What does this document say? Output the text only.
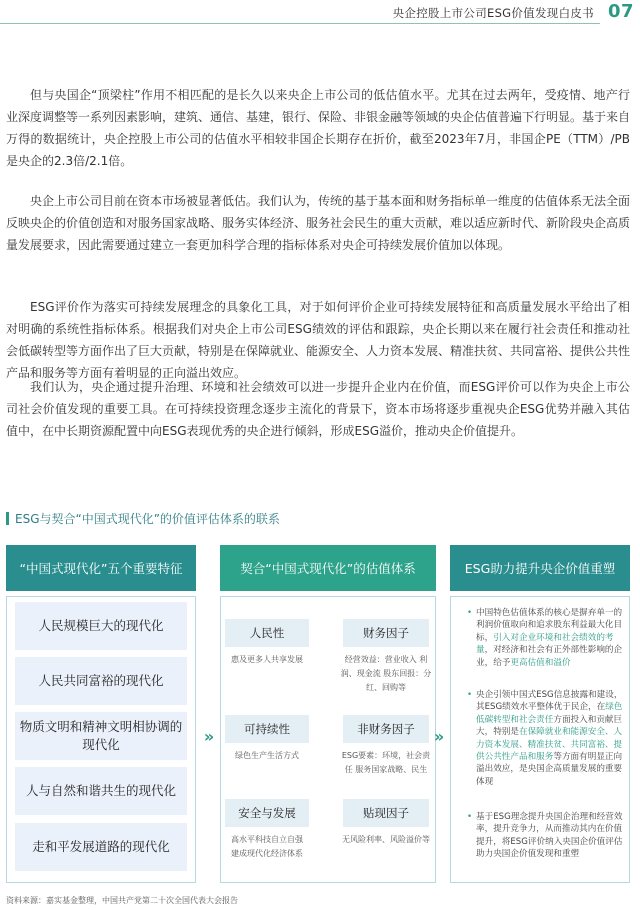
央企控股上市公司ESG价值发现白皮书 07

但与央国企“顶梁柱”作用不相匹配的是长久以来央企上市公司的低估值水平。尤其在过去两年，受疫情、地产行业深度调整等一系列因素影响，建筑、通信、基建，银行、保险、非银金融等领域的央企估值普遍下行明显。基于来自万得的数据统计，央企控股上市公司的估值水平相较非国企长期存在折价，截至2023年7月，非国企PE（TTM）/PB是央企的2.3倍/2.1倍。

央企上市公司目前在资本市场被显著低估。我们认为，传统的基于基本面和财务指标单一维度的估值体系无法全面反映央企的价值创造和对服务国家战略、服务实体经济、服务社会民生的重大贡献，难以适应新时代、新阶段央企高质量发展要求，因此需要通过建立一套更加科学合理的指标体系对央企可持续发展价值加以体现。

ESG评价作为落实可持续发展理念的具象化工具，对于如何评价企业可持续发展特征和高质量发展水平给出了相对明确的系统性指标体系。根据我们对央企上市公司ESG绩效的评估和跟踪，央企长期以来在履行社会责任和推动社会低碳转型等方面作出了巨大贡献，特别是在保障就业、能源安全、人力资本发展、精准扶贫、共同富裕、提供公共性产品和服务等方面有着明显的正向溢出效应。

我们认为，央企通过提升治理、环境和社会绩效可以进一步提升企业内在价值，而ESG评价可以作为央企上市公司社会价值发现的重要工具。在可持续投资理念逐步主流化的背景下，资本市场将逐步重视央企ESG优势并融入其估值中，在中长期资源配置中向ESG表现优秀的央企进行倾斜，形成ESG溢价，推动央企价值提升。

ESG与契合“中国式现代化”的价值评估体系的联系
“中国式现代化”五个重要特征	契合“中国式现代化”的估值体系	ESG助力提升央企价值重塑
人民规模巨大的现代化
人民共同富裕的现代化
物质文明和精神文明相协调的现代化
人与自然和谐共生的现代化
走和平发展道路的现代化
»
人民性
惠及更多人共享发展
可持续性
绿色生产生活方式
安全与发展
高水平科技自立自强 建成现代化经济体系
财务因子
经营效益：营业收入 利润、现金流 股东回报：分红、回购等
非财务因子
ESG要素：环境，社会责任 服务国家战略、民生
贴现因子
无风险利率、风险溢价等
»
• 中国特色估值体系的核心是摒弃单一的利润价值取向和追求股东利益最大化目标，引入对企业环境和社会绩效的考量，对经济和社会有正外部性影响的企业，给予更高估值和溢价
• 央企引领中国式ESG信息披露和建设，其ESG绩效水平整体优于民企，在绿色低碳转型和社会责任方面投入和贡献巨大，特别是在保障就业和能源安全、人力资本发展、精准扶贫、共同富裕、提供公共性产品和服务等方面有明显正向溢出效应，是央国企高质量发展的重要体现
• 基于ESG理念提升央国企治理和经营效率，提升竞争力，从而推动其内在价值提升，将ESG评价纳入央国企价值评估助力央国企价值发现和重塑
资料来源：嘉实基金整理，中国共产党第二十次全国代表大会报告
